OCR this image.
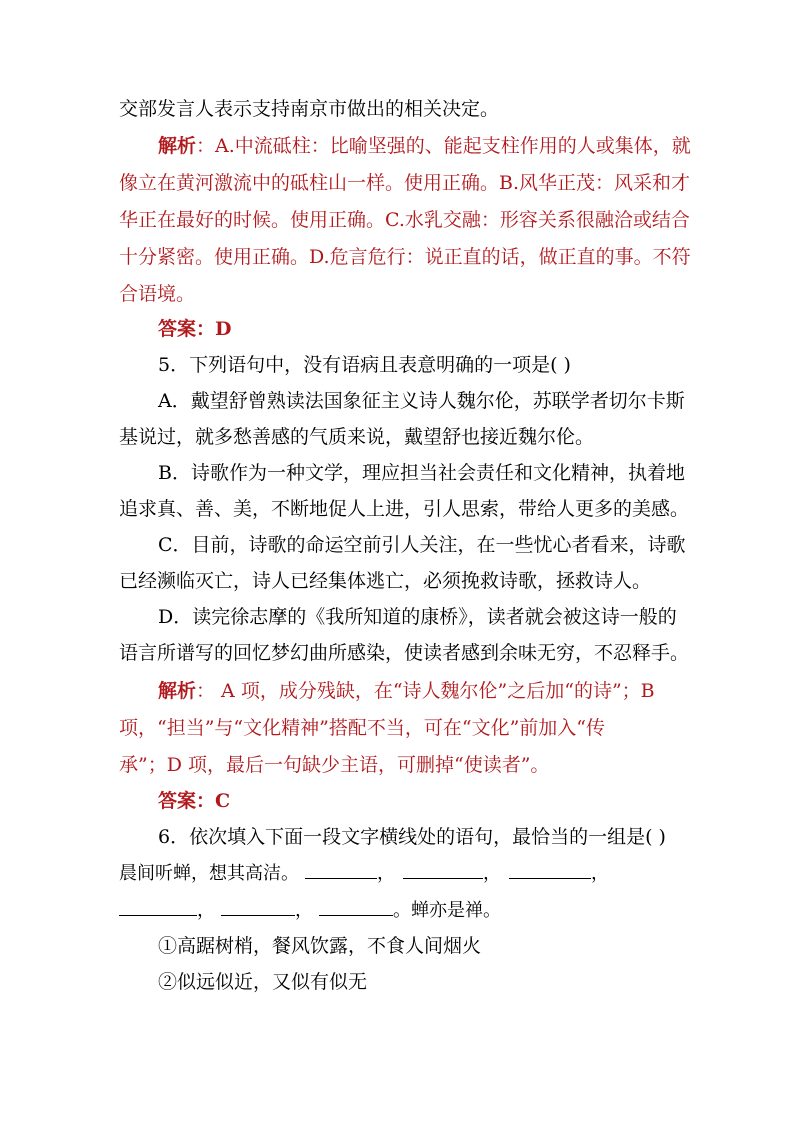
交部发言人表示支持南京市做出的相关决定。
解析：A.中流砥柱：比喻坚强的、能起支柱作用的人或集体，就
像立在黄河激流中的砥柱山一样。使用正确。B.风华正茂：风采和才
华正在最好的时候。使用正确。C.水乳交融：形容关系很融洽或结合
十分紧密。使用正确。D.危言危行：说正直的话，做正直的事。不符
合语境。
答案：D
5．下列语句中，没有语病且表意明确的一项是( )
A．戴望舒曾熟读法国象征主义诗人魏尔伦，苏联学者切尔卡斯
基说过，就多愁善感的气质来说，戴望舒也接近魏尔伦。
B．诗歌作为一种文学，理应担当社会责任和文化精神，执着地
追求真、善、美，不断地促人上进，引人思索，带给人更多的美感。
C．目前，诗歌的命运空前引人关注，在一些忧心者看来，诗歌
已经濒临灭亡，诗人已经集体逃亡，必须挽救诗歌，拯救诗人。
D．读完徐志摩的《我所知道的康桥》，读者就会被这诗一般的
语言所谱写的回忆梦幻曲所感染，使读者感到余味无穷，不忍释手。
解析： A 项，成分残缺，在“诗人魏尔伦”之后加“的诗”；B
项，“担当”与“文化精神”搭配不当，可在“文化”前加入“传
承”；D 项，最后一句缺少主语，可删掉“使读者”。
答案：C
6．依次填入下面一段文字横线处的语句，最恰当的一组是( )
晨间听蝉，想其高洁。	，	，	，
，	，	。蝉亦是禅。
①高踞树梢，餐风饮露，不食人间烟火
②似远似近，又似有似无
